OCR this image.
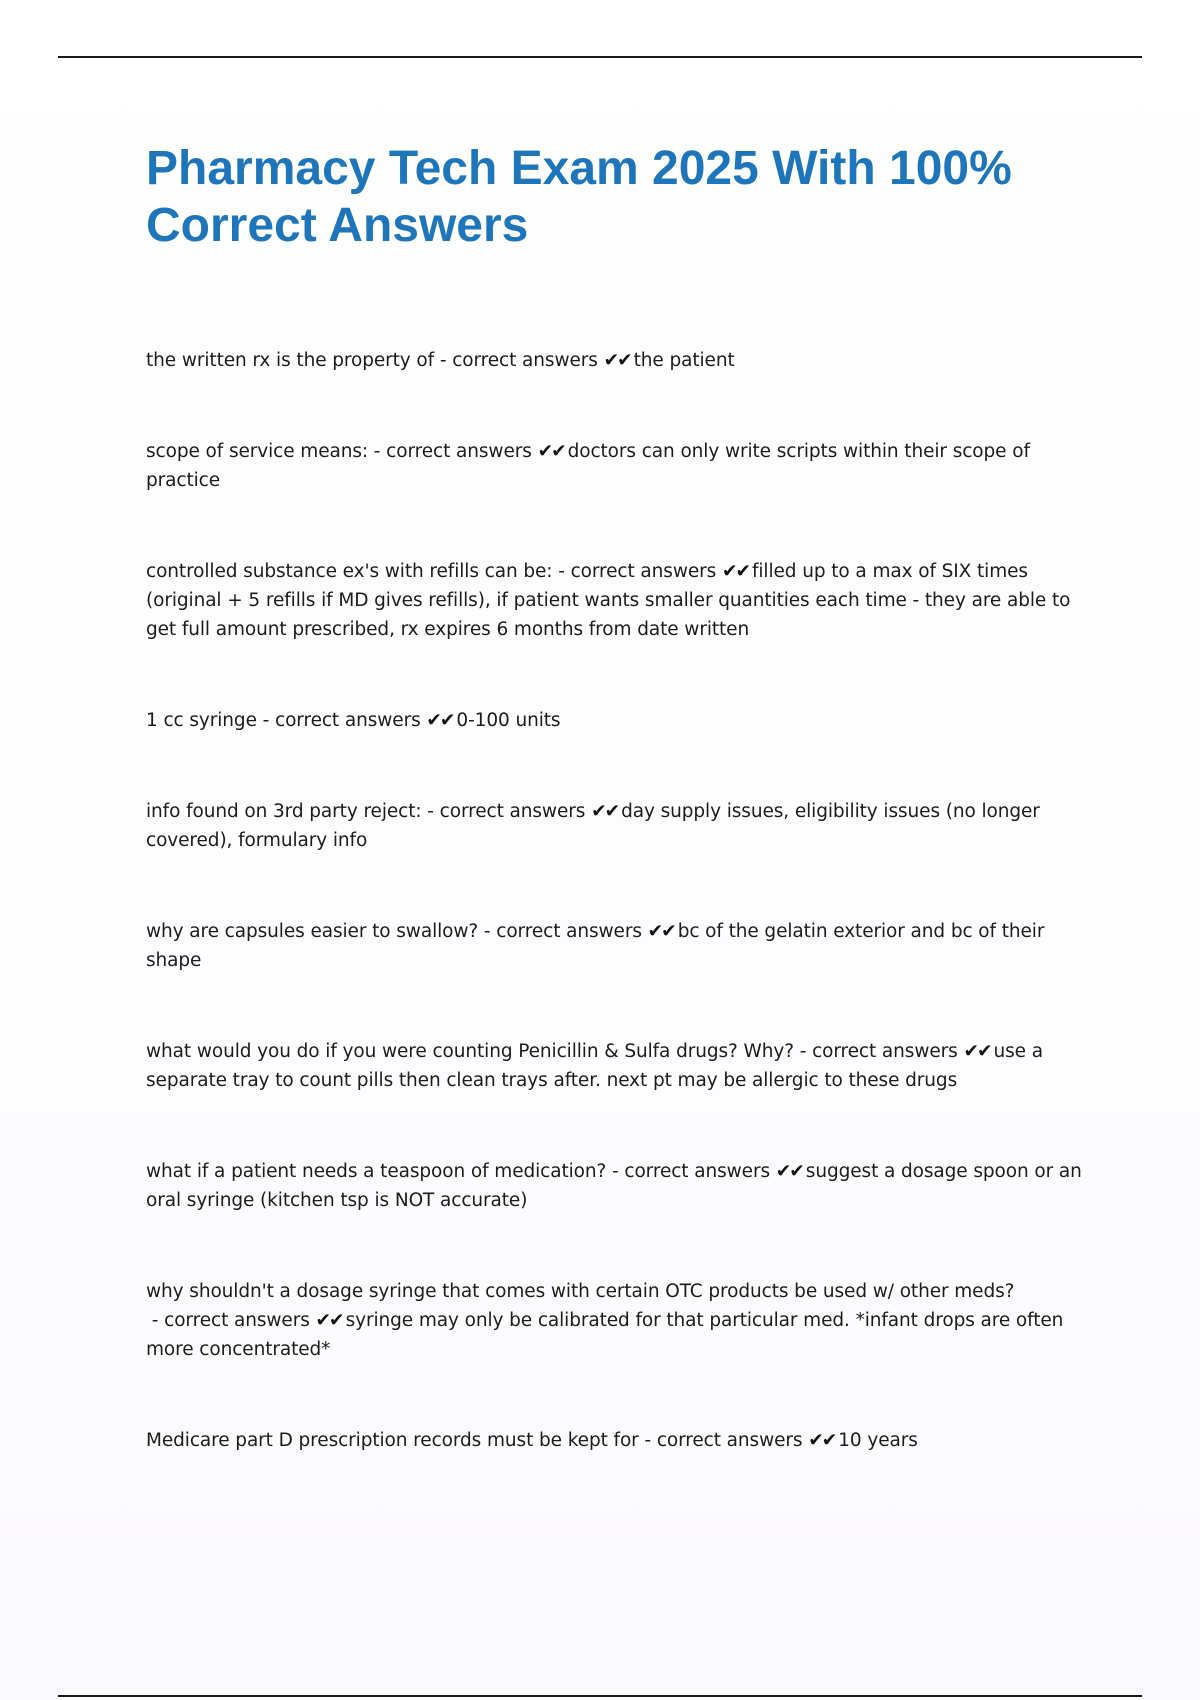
Pharmacy Tech Exam 2025 With 100% Correct Answers
the written rx is the property of - correct answers ✔✔ the patient
scope of service means: - correct answers ✔✔ doctors can only write scripts within their scope of practice
controlled substance ex's with refills can be: - correct answers ✔✔ filled up to a max of SIX times (original + 5 refills if MD gives refills), if patient wants smaller quantities each time - they are able to get full amount prescribed, rx expires 6 months from date written
1 cc syringe - correct answers ✔✔ 0-100 units
info found on 3rd party reject: - correct answers ✔✔ day supply issues, eligibility issues (no longer covered), formulary info
why are capsules easier to swallow? - correct answers ✔✔ bc of the gelatin exterior and bc of their shape
what would you do if you were counting Penicillin & Sulfa drugs? Why? - correct answers ✔✔ use a separate tray to count pills then clean trays after. next pt may be allergic to these drugs
what if a patient needs a teaspoon of medication? - correct answers ✔✔ suggest a dosage spoon or an oral syringe (kitchen tsp is NOT accurate)
why shouldn't a dosage syringe that comes with certain OTC products be used w/ other meds? - correct answers ✔✔ syringe may only be calibrated for that particular med. *infant drops are often more concentrated*
Medicare part D prescription records must be kept for - correct answers ✔✔ 10 years
